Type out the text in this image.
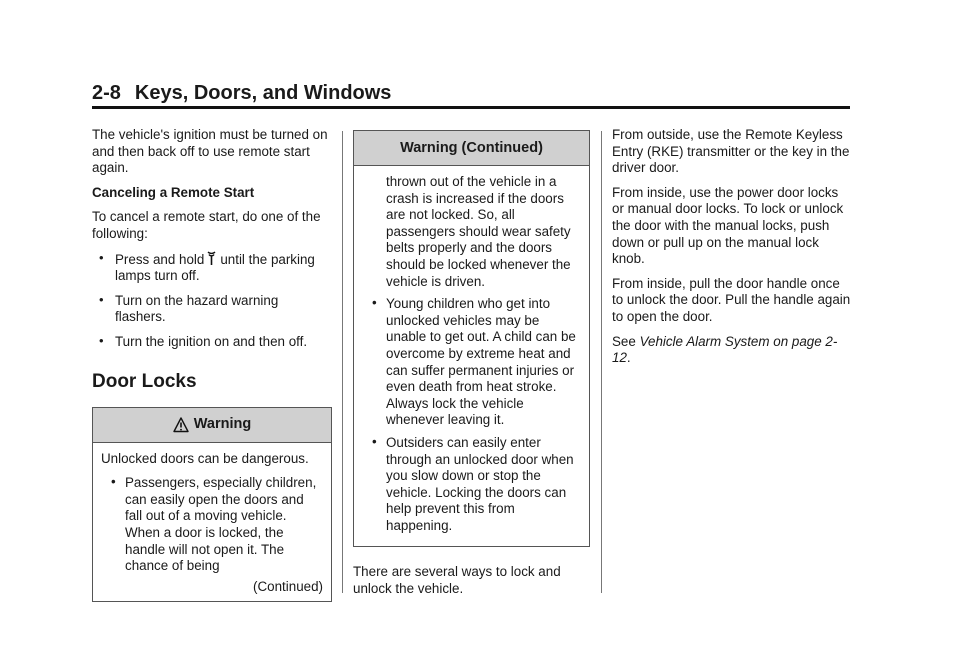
2-8 Keys, Doors, and Windows

The vehicle's ignition must be turned on and then back off to use remote start again.

Canceling a Remote Start

To cancel a remote start, do one of the following:

• Press and hold until the parking lamps turn off.
• Turn on the hazard warning flashers.
• Turn the ignition on and then off.
Door Locks
Warning

Unlocked doors can be dangerous.

• Passengers, especially children, can easily open the doors and fall out of a moving vehicle. When a door is locked, the handle will not open it. The chance of being
(Continued)
Warning (Continued)

thrown out of the vehicle in a crash is increased if the doors are not locked. So, all passengers should wear safety belts properly and the doors should be locked whenever the vehicle is driven.

• Young children who get into unlocked vehicles may be unable to get out. A child can be overcome by extreme heat and can suffer permanent injuries or even death from heat stroke. Always lock the vehicle whenever leaving it.
• Outsiders can easily enter through an unlocked door when you slow down or stop the vehicle. Locking the doors can help prevent this from happening.

There are several ways to lock and unlock the vehicle.

From outside, use the Remote Keyless Entry (RKE) transmitter or the key in the driver door.

From inside, use the power door locks or manual door locks. To lock or unlock the door with the manual locks, push down or pull up on the manual lock knob.

From inside, pull the door handle once to unlock the door. Pull the handle again to open the door.

See Vehicle Alarm System on page 2-12.
